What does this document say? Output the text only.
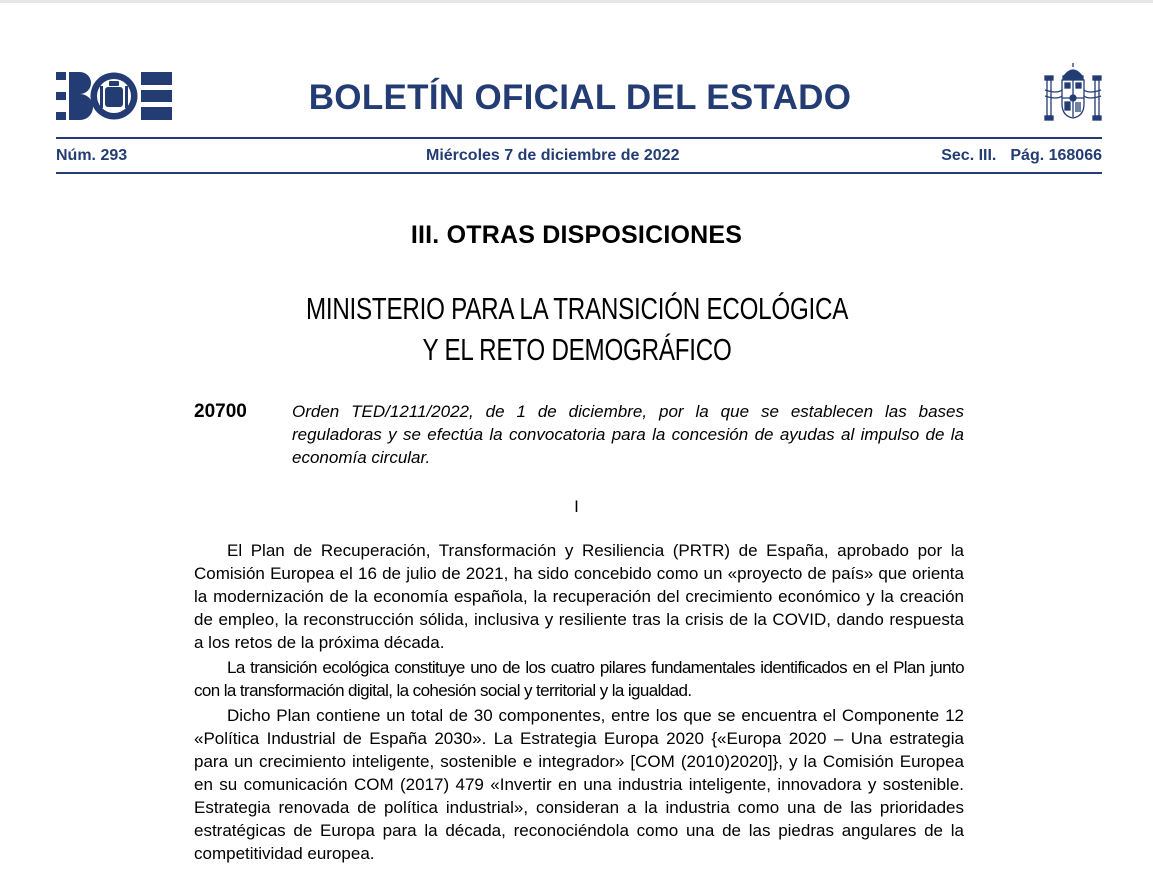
BOLETÍN OFICIAL DEL ESTADO
Núm. 293	Miércoles 7 de diciembre de 2022	Sec. III. Pág. 168066
III. OTRAS DISPOSICIONES
MINISTERIO PARA LA TRANSICIÓN ECOLÓGICA
Y EL RETO DEMOGRÁFICO
20700	Orden TED/1211/2022, de 1 de diciembre, por la que se establecen las bases reguladoras y se efectúa la convocatoria para la concesión de ayudas al impulso de la economía circular.
I

El Plan de Recuperación, Transformación y Resiliencia (PRTR) de España, aprobado por la Comisión Europea el 16 de julio de 2021, ha sido concebido como un «proyecto de país» que orienta la modernización de la economía española, la recuperación del crecimiento económico y la creación de empleo, la reconstrucción sólida, inclusiva y resiliente tras la crisis de la COVID, dando respuesta a los retos de la próxima década.

La transición ecológica constituye uno de los cuatro pilares fundamentales identificados en el Plan junto con la transformación digital, la cohesión social y territorial y la igualdad.

Dicho Plan contiene un total de 30 componentes, entre los que se encuentra el Componente 12 «Política Industrial de España 2030». La Estrategia Europa 2020 {«Europa 2020 – Una estrategia para un crecimiento inteligente, sostenible e integrador» [COM (2010)2020]}, y la Comisión Europea en su comunicación COM (2017) 479 «Invertir en una industria inteligente, innovadora y sostenible. Estrategia renovada de política industrial», consideran a la industria como una de las prioridades estratégicas de Europa para la década, reconociéndola como una de las piedras angulares de la competitividad europea.
